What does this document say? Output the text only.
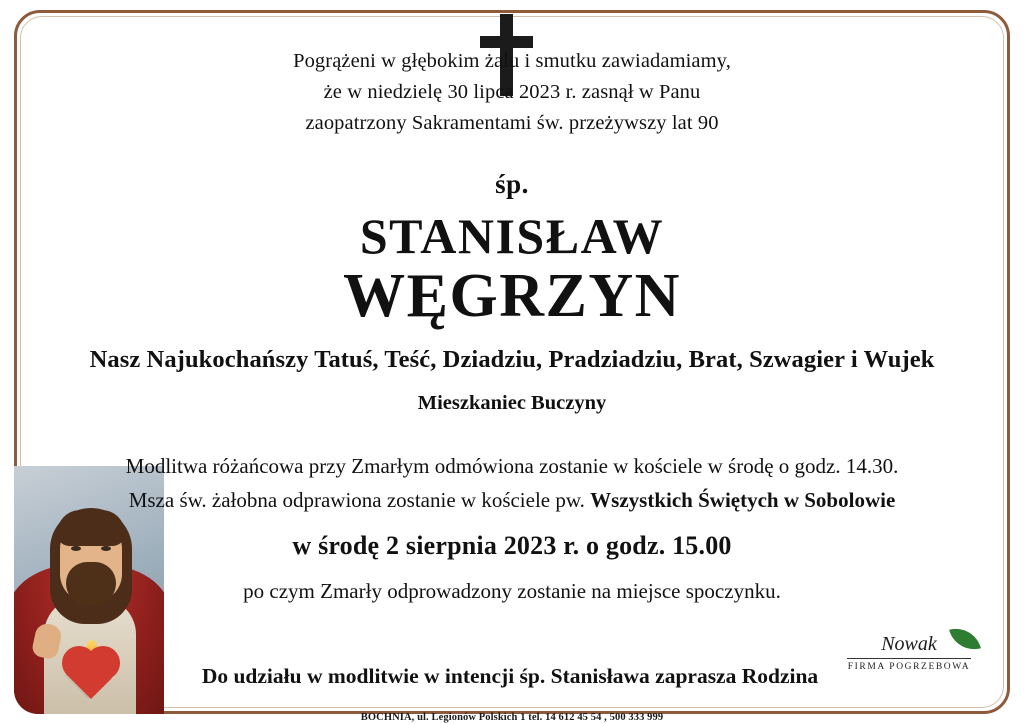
Pogrążeni w głębokim żalu i smutku zawiadamiamy,
że w niedzielę 30 lipca 2023 r. zasnął w Panu
zaopatrzony Sakramentami św. przeżywszy lat 90
śp.
STANISŁAW
WĘGRZYN
Nasz Najukochańszy Tatuś, Teść, Dziadziu, Pradziadziu, Brat, Szwagier i Wujek
Mieszkaniec Buczyny
Modlitwa różańcowa przy Zmarłym odmówiona zostanie w kościele w środę o godz. 14.30.
Msza św. żałobna odprawiona zostanie w kościele pw. Wszystkich Świętych w Sobolowie
w środę 2 sierpnia 2023 r. o godz. 15.00
po czym Zmarły odprowadzony zostanie na miejsce spoczynku.
Do udziału w modlitwie w intencji śp. Stanisława zaprasza Rodzina
Nowak
FIRMA POGRZEBOWA
BOCHNIA, ul. Legionów Polskich 1 tel. 14 612 45 54 , 500 333 999
